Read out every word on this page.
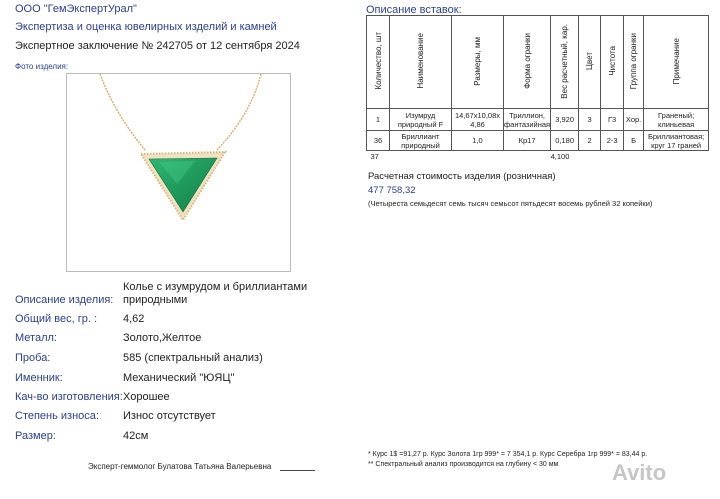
ООО "ГемЭкспертУрал"
Экспертиза и оценка ювелирных изделий и камней
Экспертное заключение № 242705 от 12 сентября 2024
Фото изделия:
Описание вставок:
Количество, шт	Наименование	Размеры, мм	Форма огранки	Вес расчетный, кар.	Цвет	Чистота	Группа огранки	Примечание
1	Изумруд природный F	14,67х10,08х 4,86	Триллион, фантазийная	3,920	3	Г3	Хор.	Граненый; клиньевая
36	Бриллиант природный	1,0	Кр17	0,180	2	2-3	Б	Бриллиантовая; круг 17 граней
37				4,100				
Расчетная стоимость изделия (розничная)
477 758,32
(Четыреста семьдесят семь тысяч семьсот пятьдесят восемь рублей 32 копейки)
Описание изделия:
Колье с изумрудом и бриллиантами
природными
Общий вес, гр. : 4,62
Металл:	Золото,Желтое
Проба:	585 (спектральный анализ)
Именник:	Механический "ЮЯЦ"
Кач-во изготовления: Хорошее
Степень износа: Износ отсутствует
Размер:	42см
* Курс 1$ =91,27 р. Курс Золота 1гр 999* = 7 354,1 р. Курс Серебра 1гр 999* = 83,44 р.
** Спектральный анализ производится на глубину < 30 мм
Эксперт-геммолог Булатова Татьяна Валерьевна	Avito
